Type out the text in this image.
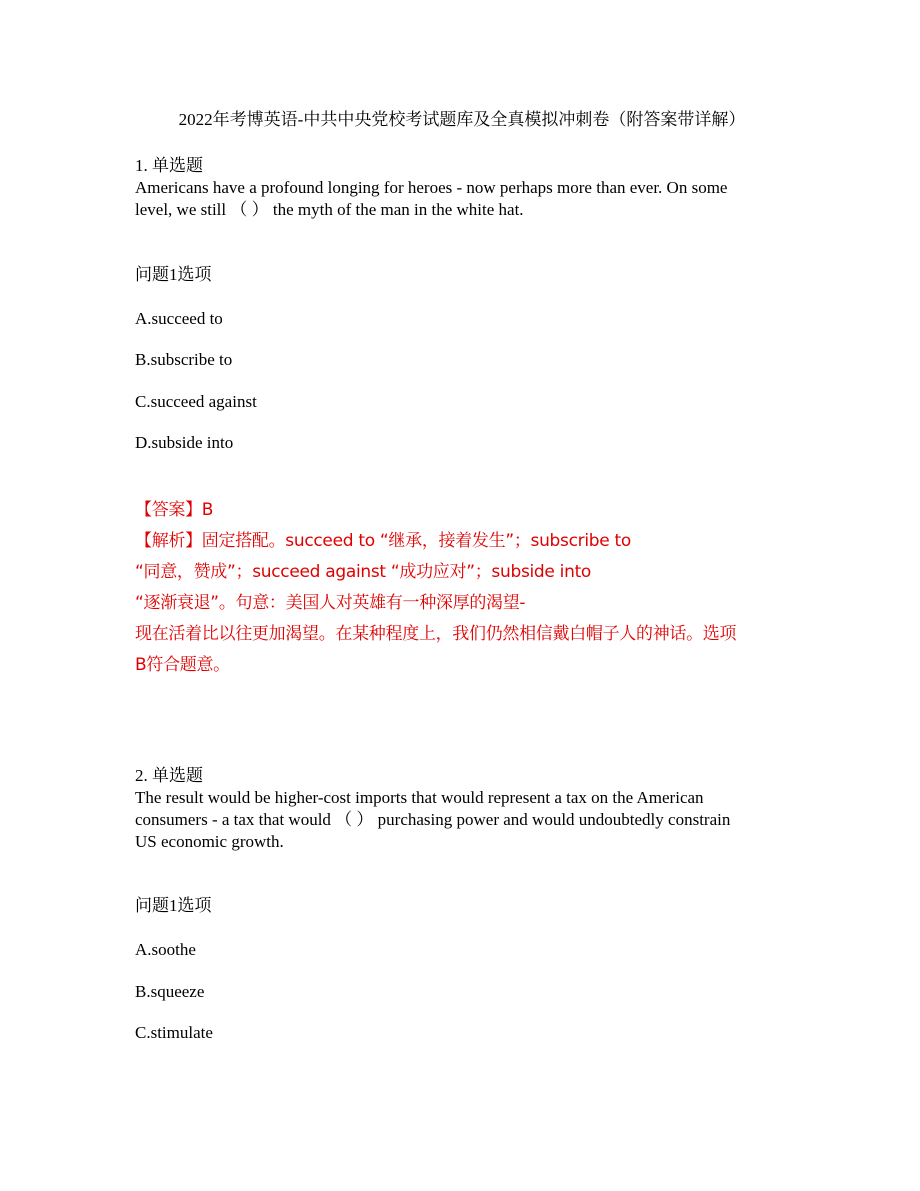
2022年考博英语-中共中央党校考试题库及全真模拟冲刺卷（附答案带详解）
1. 单选题
Americans have a profound longing for heroes - now perhaps more than ever. On some
level, we still （ ） the myth of the man in the white hat.
问题1选项
A.succeed to
B.subscribe to
C.succeed against
D.subside into
【答案】B
【解析】固定搭配。succeed to “继承，接着发生”；subscribe to
“同意，赞成”；succeed against “成功应对”；subside into
“逐渐衰退”。句意：美国人对英雄有一种深厚的渴望-
现在活着比以往更加渴望。在某种程度上，我们仍然相信戴白帽子人的神话。选项
B符合题意。
2. 单选题
The result would be higher-cost imports that would represent a tax on the American
consumers - a tax that would （ ） purchasing power and would undoubtedly constrain
US economic growth.
问题1选项
A.soothe
B.squeeze
C.stimulate
